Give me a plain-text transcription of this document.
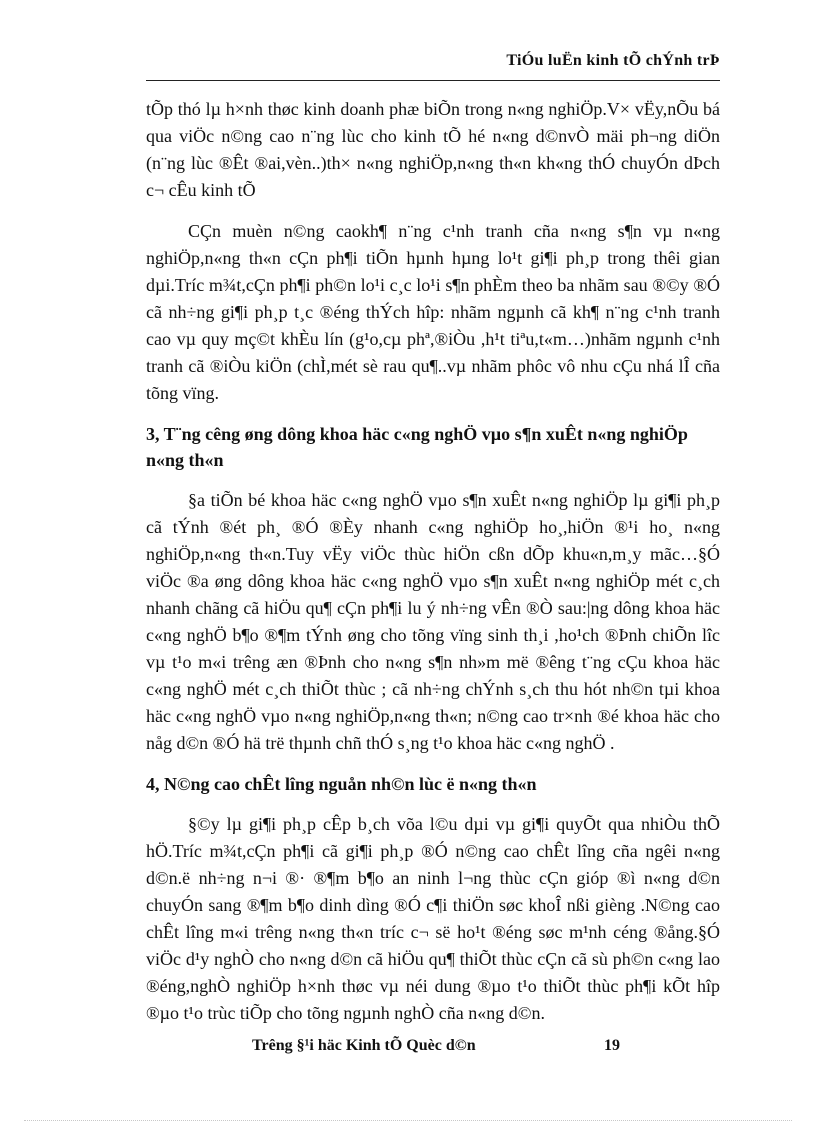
TiÓu luËn kinh tÕ chÝnh trÞ

tÕp thó lµ h×nh thøc kinh doanh phæ biÕn trong n«ng nghiÖp.V× vËy,nÕu bá qua viÖc n©ng cao n¨ng lùc cho kinh tÕ hé n«ng d©nvÒ mäi ph¬ng diÖn (n¨ng lùc ®Êt ®ai,vèn..)th× n«ng nghiÖp,n«ng th«n kh«ng thÓ chuyÓn dÞch c¬ cÊu kinh tÕ

CÇn muèn n©ng caokh¶ n¨ng c¹nh tranh cña n«ng s¶n vµ n«ng nghiÖp,n«ng th«n cÇn ph¶i tiÕn hµnh hµng lo¹t gi¶i ph¸p trong thêi gian dµi.Tríc m¾t,cÇn ph¶i ph©n lo¹i c¸c lo¹i s¶n phÈm theo ba nhãm sau ®©y ®Ó cã nh÷ng gi¶i ph¸p t¸c ®éng thÝch hîp: nhãm ngµnh cã kh¶ n¨ng c¹nh tranh cao vµ quy mç©t khÈu lín (g¹o,cµ phª,®iÒu ,h¹t tiªu,t«m…)nhãm ngµnh c¹nh tranh cã ®iÒu kiÖn (chÌ,mét sè rau qu¶..vµ nhãm phôc vô nhu cÇu nhá lÎ cña tõng vïng.

3, T¨ng cêng øng dông khoa häc c«ng nghÖ vµo s¶n xuÊt n«ng nghiÖp n«ng th«n

§a tiÕn bé khoa häc c«ng nghÖ vµo s¶n xuÊt n«ng nghiÖp lµ gi¶i ph¸p cã tÝnh ®ét ph¸ ®Ó ®Èy nhanh c«ng nghiÖp ho¸,hiÖn ®¹i ho¸ n«ng nghiÖp,n«ng th«n.Tuy vËy viÖc thùc hiÖn cßn dÕp khu«n,m¸y mãc…§Ó viÖc ®a øng dông khoa häc c«ng nghÖ vµo s¶n xuÊt n«ng nghiÖp mét c¸ch nhanh chãng cã hiÖu qu¶ cÇn ph¶i lu ý nh÷ng vÊn ®Ò sau:|ng dông khoa häc c«ng nghÖ b¶o ®¶m tÝnh øng cho tõng vïng sinh th¸i ,ho¹ch ®Þnh chiÕn lîc vµ t¹o m«i trêng æn ®Þnh cho n«ng s¶n nh»m më ®êng t¨ng cÇu khoa häc c«ng nghÖ mét c¸ch thiÕt thùc ; cã nh÷ng chÝnh s¸ch thu hót nh©n tµi khoa häc c«ng nghÖ vµo n«ng nghiÖp,n«ng th«n; n©ng cao tr×nh ®é khoa häc cho någ d©n ®Ó hä trë thµnh chñ thÓ s¸ng t¹o khoa häc c«ng nghÖ .

4, N©ng cao chÊt lîng nguån nh©n lùc ë n«ng th«n

§©y lµ gi¶i ph¸p cÊp b¸ch võa l©u dµi vµ gi¶i quyÕt qua nhiÒu thÕ hÖ.Tríc m¾t,cÇn ph¶i cã gi¶i ph¸p ®Ó n©ng cao chÊt lîng cña ngêi n«ng d©n.ë nh÷ng n¬i ®· ®¶m b¶o an ninh l¬ng thùc cÇn gióp ®ì n«ng d©n chuyÓn sang ®¶m b¶o dinh dìng ®Ó c¶i thiÖn søc khoÎ nßi gièng .N©ng cao chÊt lîng m«i trêng n«ng th«n tríc c¬ së ho¹t ®éng søc m¹nh céng ®ång.§Ó viÖc d¹y nghÒ cho n«ng d©n cã hiÖu qu¶ thiÕt thùc cÇn cã sù ph©n c«ng lao ®éng,nghÒ nghiÖp h×nh thøc vµ néi dung ®µo t¹o thiÕt thùc ph¶i kÕt hîp ®µo t¹o trùc tiÕp cho tõng ngµnh nghÒ cña n«ng d©n.

Trêng §¹i häc Kinh tÕ Quèc d©n	19
